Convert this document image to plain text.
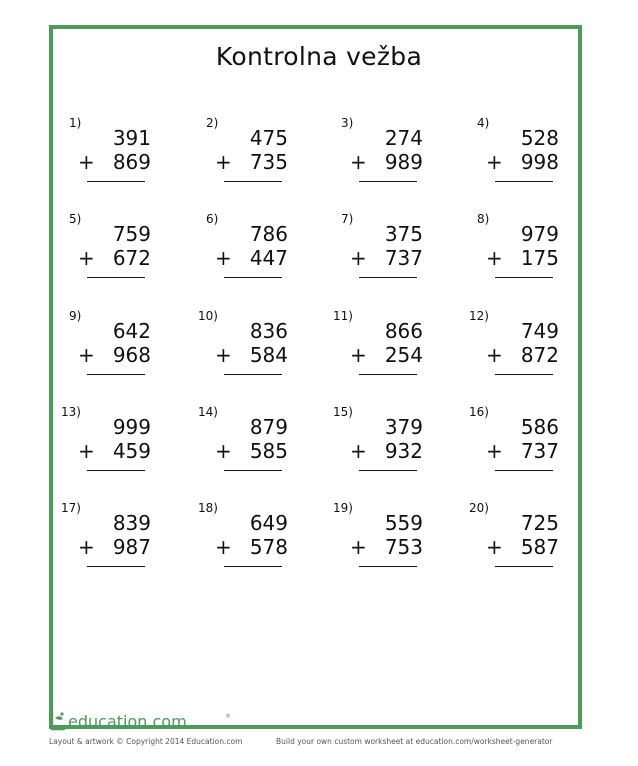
Kontrolna vežba
1)
391
+ 869
2)
475
+ 735
3)
274
+ 989
4)
528
+ 998
5)
759
+ 672
6)
786
+ 447
7)
375
+ 737
8)
979
+ 175
9)
642
+ 968
10)
836
+ 584
11)
866
+ 254
12)
749
+ 872
13)
999
+ 459
14)
879
+ 585
15)
379
+ 932
16)
586
+ 737
17)
839
+ 987
18)
649
+ 578
19)
559
+ 753
20)
725
+ 587
education.com	®
Layout & artwork © Copyright 2014 Education.com	Build your own custom worksheet at education.com/worksheet-generator
